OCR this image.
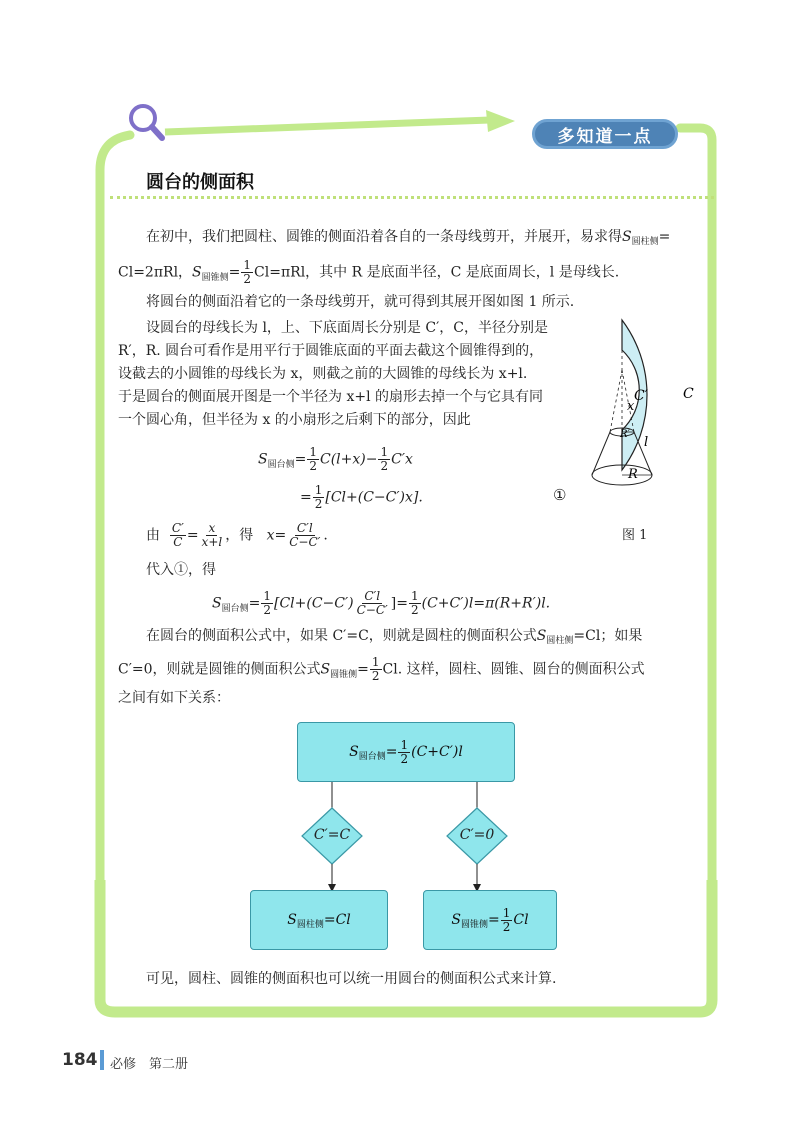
多知道一点
圆台的侧面积
在初中，我们把圆柱、圆锥的侧面沿着各自的一条母线剪开，并展开，易求得$S_{圆柱侧}=$
Cl=2πRl，$S_{圆锥侧}= \frac{1}{2} Cl=\pi Rl$，其中 R 是底面半径，C 是底面周长，l 是母线长.
将圆台的侧面沿着它的一条母线剪开，就可得到其展开图如图 1 所示.
设圆台的母线长为 l，上、下底面周长分别是 C′，C，半径分别是
R′，R. 圆台可看作是用平行于圆锥底面的平面去截这个圆锥得到的，
设截去的小圆锥的母线长为 x，则截之前的大圆锥的母线长为 x+l.
于是圆台的侧面展开图是一个半径为 x+l 的扇形去掉一个与它具有同
一个圆心角，但半径为 x 的小扇形之后剩下的部分，因此
$S_{圆台侧}= \frac{1}{2} C(l+x)- \frac{1}{2} C'x$
= $\frac{1}{2} [Cl+(C-C')x]$.	①
由 $\frac{C'}{C} = \frac{x}{x+l}$ ，得 $x= \frac{C'l}{C-C'}$ .
代入①，得
$S_{圆台侧}= \frac{1}{2} [Cl+(C-C') \frac{C'l}{C-C'}$ ]= $\frac{1}{2} (C+C')l=\pi(R+R')l$.
在圆台的侧面积公式中，如果 C′=C，则就是圆柱的侧面积公式$S_{圆柱侧}=Cl$；如果
C′=0，则就是圆锥的侧面积公式$S_{圆锥侧}= \frac{1}{2} Cl$. 这样，圆柱、圆锥、圆台的侧面积公式
之间有如下关系：
C′	C
x
R′
l
R
图 1
S 圆台侧 = $\frac{1}{2} (C+C')l$
C′=C	C′=0
S 圆柱侧 =Cl	S 圆锥侧 = $\frac{1}{2}$ Cl
可见，圆柱、圆锥的侧面积也可以统一用圆台的侧面积公式来计算.
184 必修　第二册
